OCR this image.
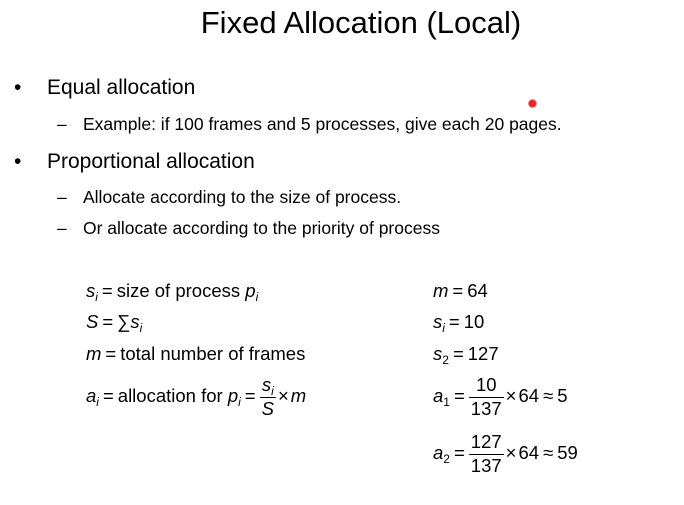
Fixed Allocation (Local)
• Equal allocation
– Example: if 100 frames and 5 processes, give each 20 pages.
• Proportional allocation
– Allocate according to the size of process.
– Or allocate according to the priority of process
$s_i$ = size of process $p_i$
$S = \sum s_i$
m = total number of frames
$a_i$ = allocation for $p_i = \frac{s_i}{S} \times m$
m = 64
$s_i = 10$
$s_2 = 127$
$a_1 = \frac{10}{137} \times 64 \approx 5$
$a_2 = \frac{127}{137} \times 64 \approx 59$
